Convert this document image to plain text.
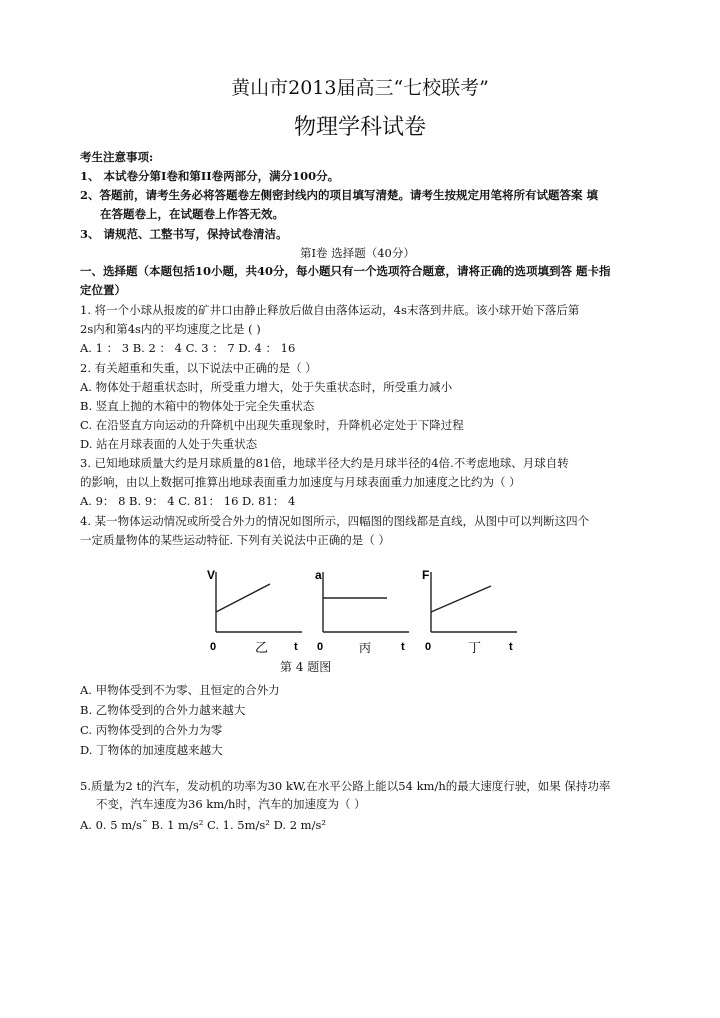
黄山市2013届高三“七校联考”
物理学科试卷
考生注意事项:
1、 本试卷分第I卷和第II卷两部分，满分100分。
2、答题前，请考生务必将答题卷左侧密封线内的项目填写清楚。请考生按规定用笔将所有试题答案 填
在答题卷上，在试题卷上作答无效。
3、 请规范、工整书写，保持试卷清洁。
第I卷 选择题（40分）
一、选择题（本题包括10小题，共40分，每小题只有一个选项符合题意，请将正确的选项填到答 题卡指
定位置）
1. 将一个小球从报废的矿井口由静止释放后做自由落体运动，4s末落到井底。该小球开始下落后第
2s内和第4s内的平均速度之比是 ( )
A. 1 ： 3 B. 2 ： 4 C. 3 ： 7 D. 4 ： 16
2. 有关超重和失重，以下说法中正确的是（ ）
A. 物体处于超重状态时，所受重力增大，处于失重状态时，所受重力减小
B. 竖直上抛的木箱中的物体处于完全失重状态
C. 在沿竖直方向运动的升降机中出现失重现象时，升降机必定处于下降过程
D. 站在月球表面的人处于失重状态
3. 已知地球质量大约是月球质量的81倍，地球半径大约是月球半径的4倍.不考虑地球、月球自转
的影响，由以上数据可推算出地球表面重力加速度与月球表面重力加速度之比约为（ ）
A. 9： 8 B. 9： 4 C. 81： 16 D. 81： 4
4. 某一物体运动情况或所受合外力的情况如图所示，四幅图的图线都是直线，从图中可以判断这四个
一定质量物体的某些运动特征. 下列有关说法中正确的是（ ）
V
0	t
乙
a
0	t
丙
F
0	t
丁
第 4 题图
A. 甲物体受到不为零、且恒定的合外力
B. 乙物体受到的合外力越来越大
C. 丙物体受到的合外力为零
D. 丁物体的加速度越来越大
5.质量为2 t的汽车，发动机的功率为30 kW,在水平公路上能以54 km/h的最大速度行驶，如果 保持功率
不变，汽车速度为36 km/h时，汽车的加速度为（ ）
A. 0. 5 m/s˜ B. 1 m/s² C. 1. 5m/s² D. 2 m/s²
